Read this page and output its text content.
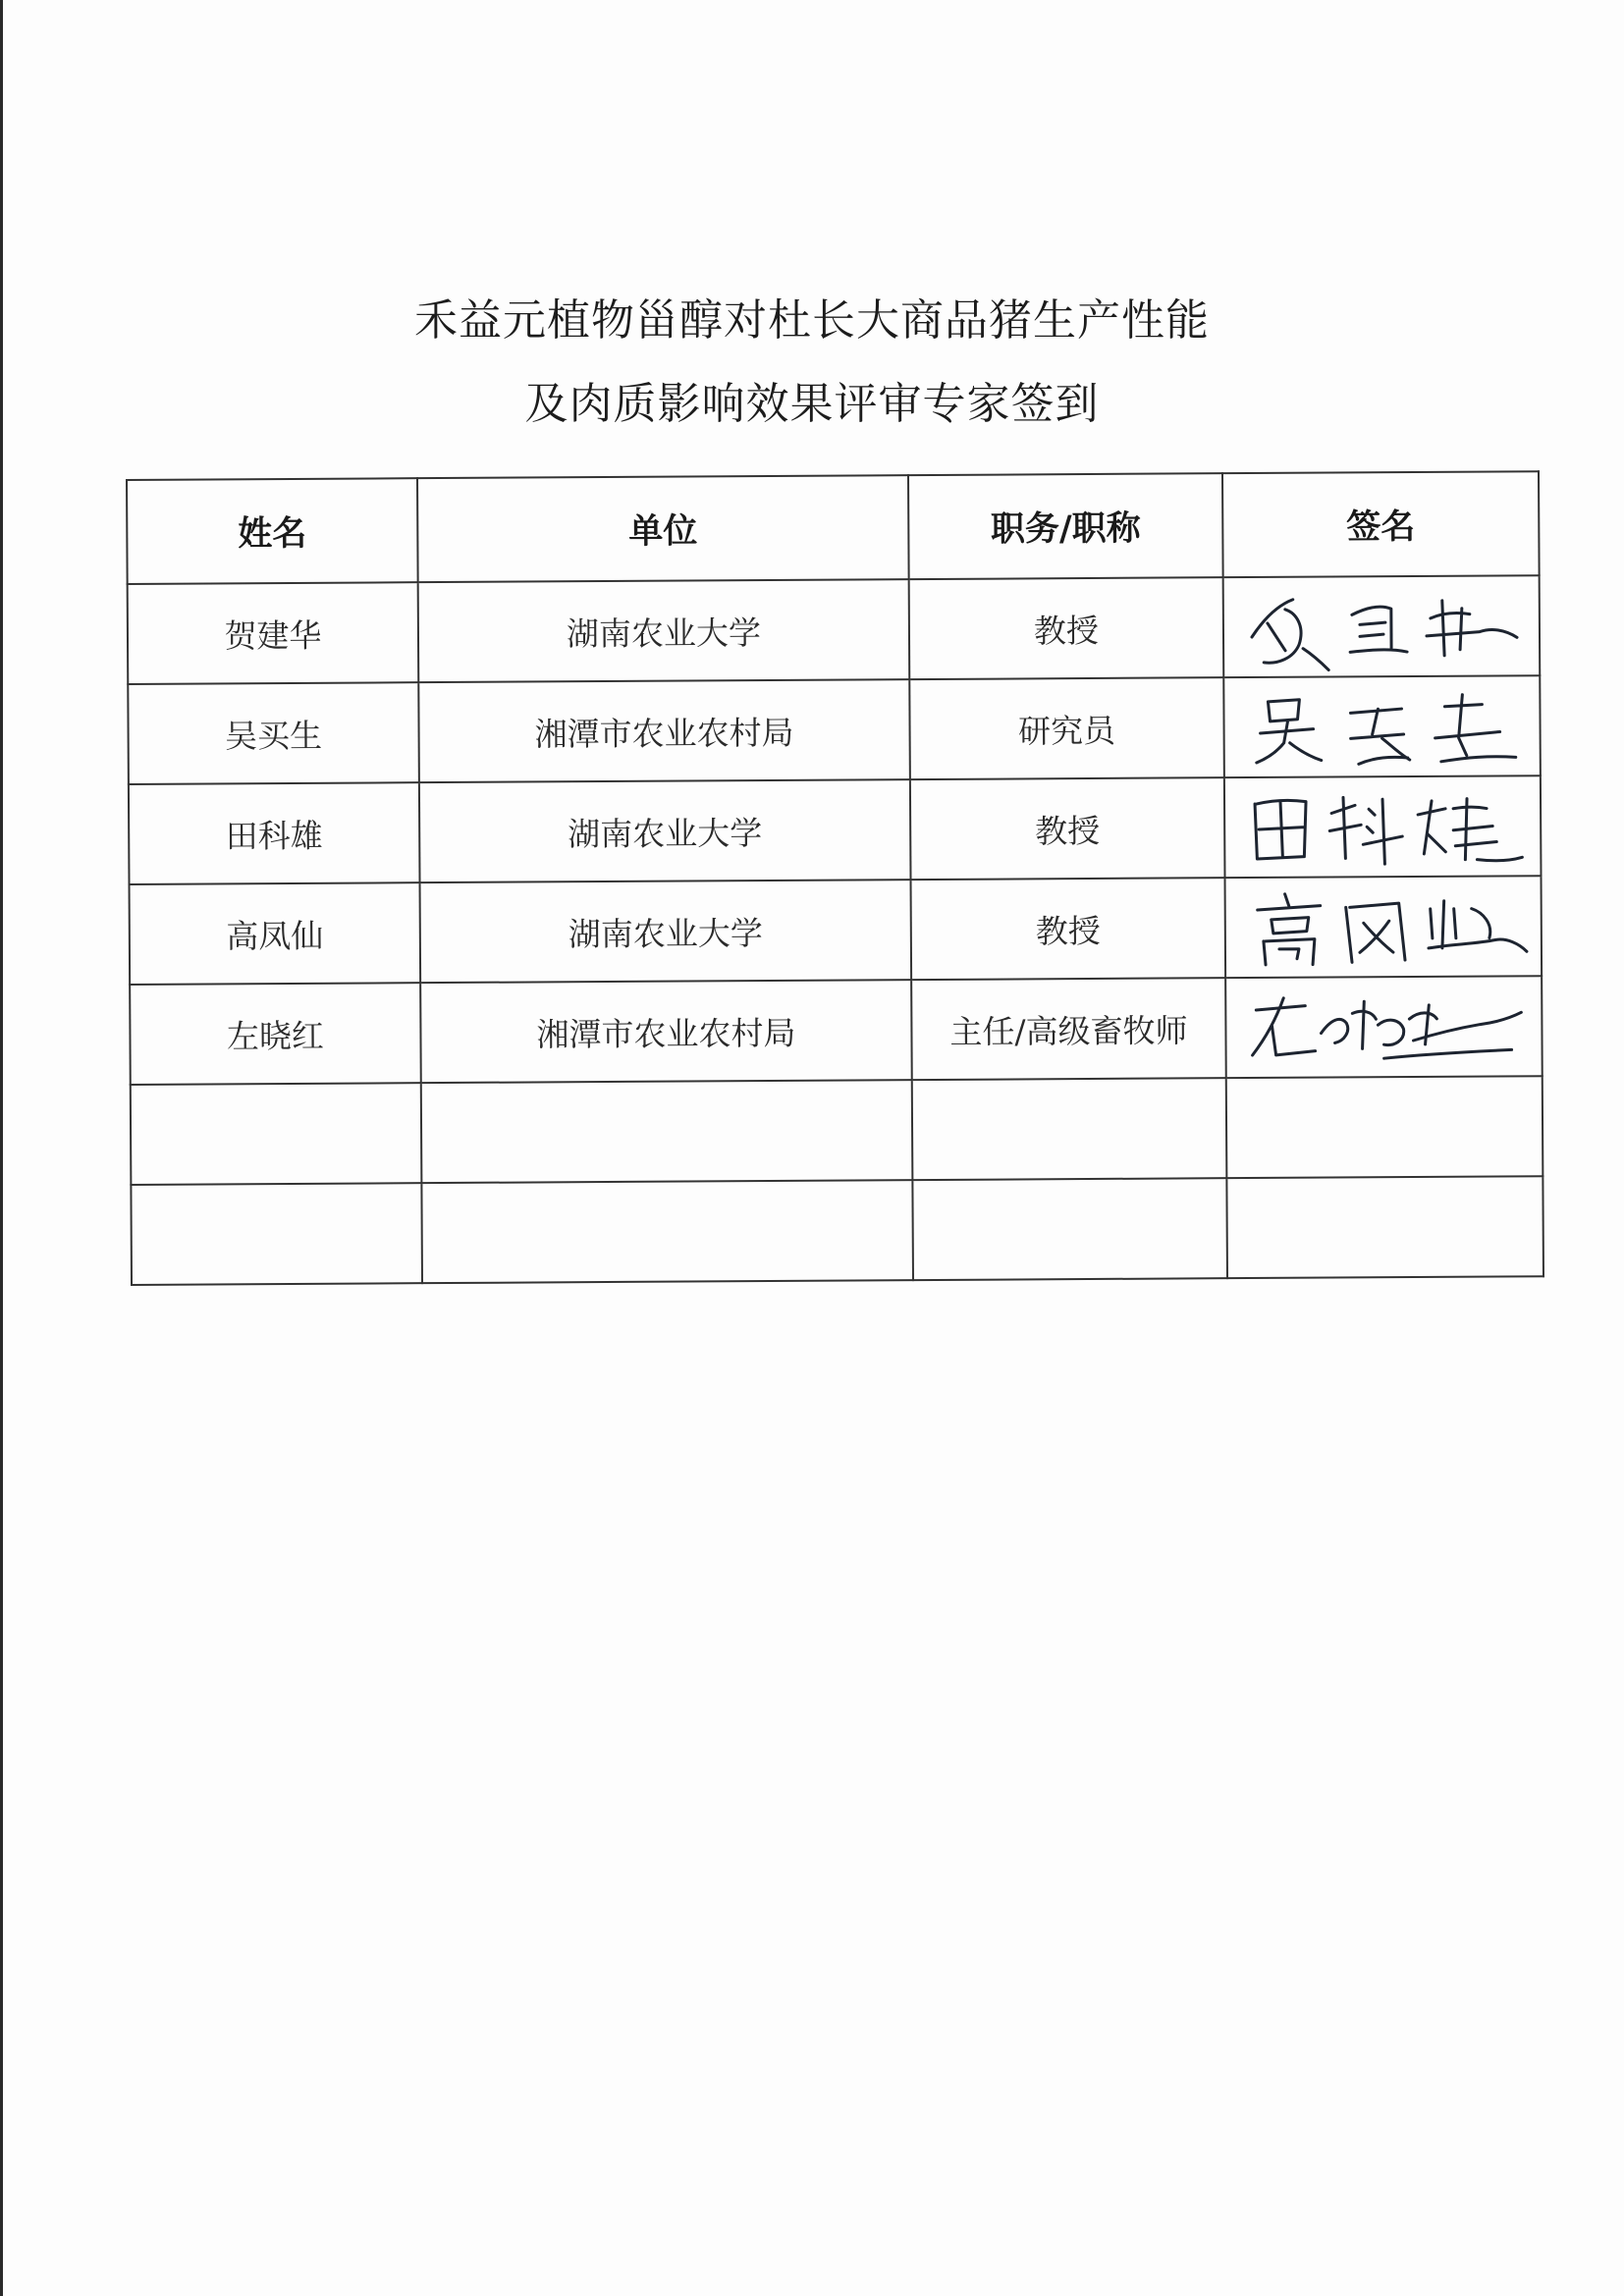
禾益元植物甾醇对杜长大商品猪生产性能
及肉质影响效果评审专家签到
姓名	单位	职务/职称	签名
贺建华	湖南农业大学	教授	

吴买生	湘潭市农业农村局	研究员	

田科雄	湖南农业大学	教授	

高凤仙	湖南农业大学	教授	

左晓红	湘潭市农业农村局	主任/高级畜牧师	
